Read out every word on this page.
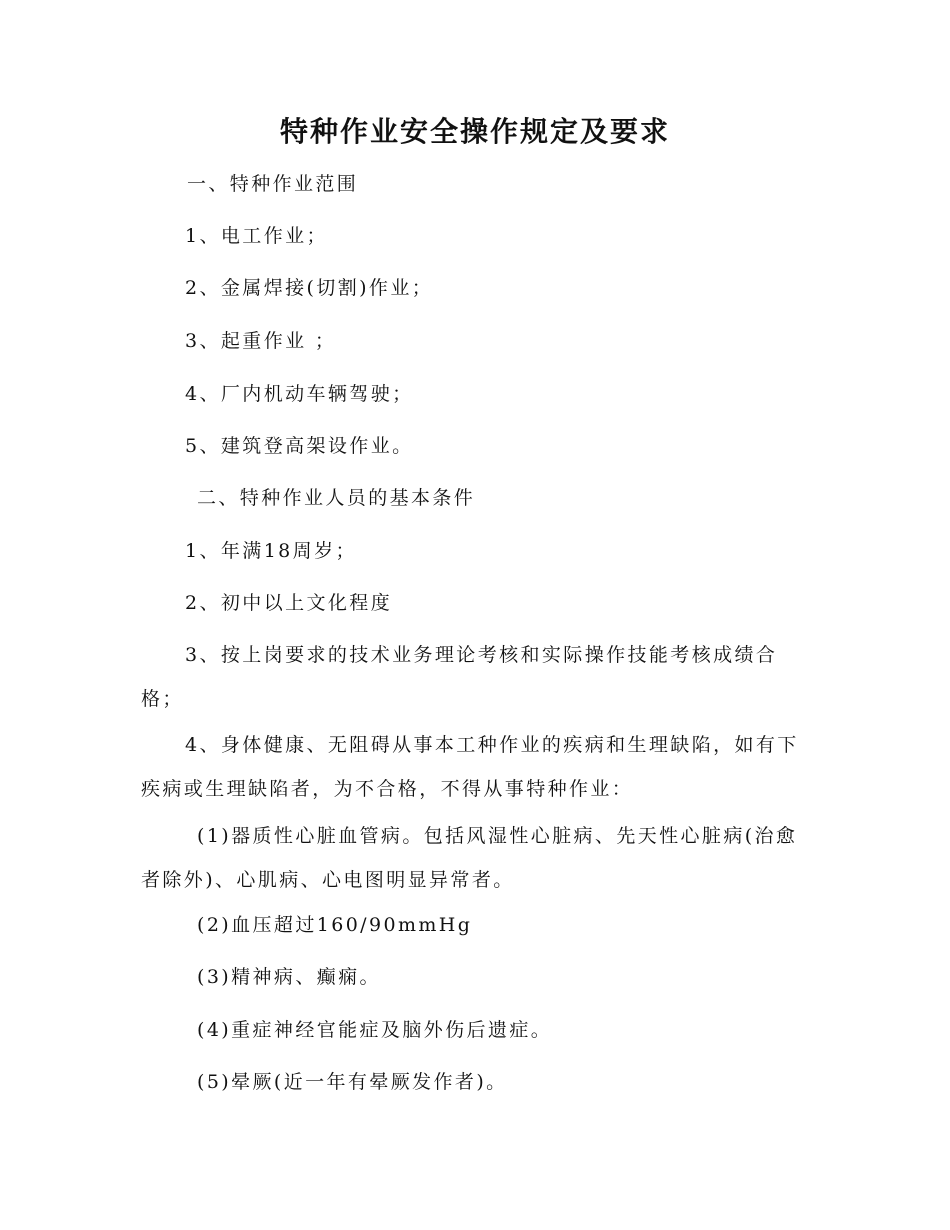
特种作业安全操作规定及要求

一、特种作业范围

1、电工作业；

2、金属焊接(切割)作业；

3、起重作业 ；

4、厂内机动车辆驾驶；

5、建筑登高架设作业。

二、特种作业人员的基本条件

1、年满18周岁；

2、初中以上文化程度

3、按上岗要求的技术业务理论考核和实际操作技能考核成绩合格；

4、身体健康、无阻碍从事本工种作业的疾病和生理缺陷，如有下疾病或生理缺陷者，为不合格，不得从事特种作业：

(1)器质性心脏血管病。包括风湿性心脏病、先天性心脏病(治愈者除外)、心肌病、心电图明显异常者。

(2)血压超过160/90mmHg

(3)精神病、癫痫。

(4)重症神经官能症及脑外伤后遗症。

(5)晕厥(近一年有晕厥发作者)。
